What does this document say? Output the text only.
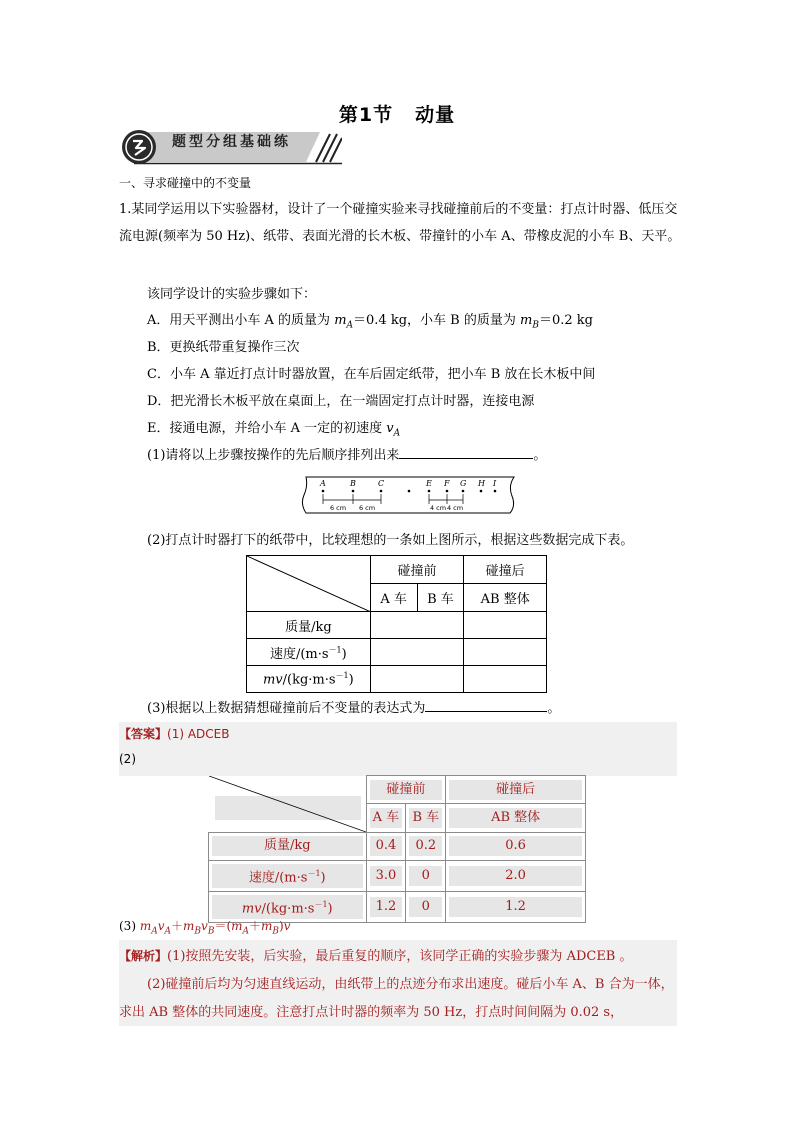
第1节 动量
题型分组基础练
一、寻求碰撞中的不变量
1.某同学运用以下实验器材，设计了一个碰撞实验来寻找碰撞前后的不变量：打点计时器、低压交流电源(频率为 50 Hz)、纸带、表面光滑的长木板、带撞针的小车 A、带橡皮泥的小车 B、天平。
该同学设计的实验步骤如下：
A．用天平测出小车 A 的质量为 $m_A=0.4$ kg，小车 B 的质量为 $m_B=0.2$ kg
B．更换纸带重复操作三次
C．小车 A 靠近打点计时器放置，在车后固定纸带，把小车 B 放在长木板中间
D．把光滑长木板平放在桌面上，在一端固定打点计时器，连接电源
E．接通电源，并给小车 A 一定的初速度 $v_A$
(1)请将以上步骤按操作的先后顺序排列出来	。
A	B	C	E F G H I
6 cm 6 cm	4 cm 4 cm
(2)打点计时器打下的纸带中，比较理想的一条如上图所示，根据这些数据完成下表。
	碰撞前		碰撞后
	A 车	B 车	AB 整体
质量/kg			
速度$/(m\cdot s^{-1})$			
$mv/(kg\cdot m\cdot s^{-1})$			
(3)根据以上数据猜想碰撞前后不变量的表达式为	。
【答案】(1) ADCEB
(2)

碰撞前		碰撞后

	A 车	B 车	AB 整体

质量/kg	0.4	0.2	0.6

速度$/(m\cdot s^{-1})$	3.0	0	2.0

$mv/(kg\cdot m\cdot s^{-1})$	1.2	0	1.2
(3) $m_Av_A+m_Bv_B=(m_A+m_B)v$
【解析】(1)按照先安装，后实验，最后重复的顺序，该同学正确的实验步骤为 ADCEB 。
(2)碰撞前后均为匀速直线运动，由纸带上的点迹分布求出速度。碰后小车 A、B 合为一体，求出 AB 整体的共同速度。注意打点计时器的频率为 50 Hz，打点时间间隔为 0.02 s，
